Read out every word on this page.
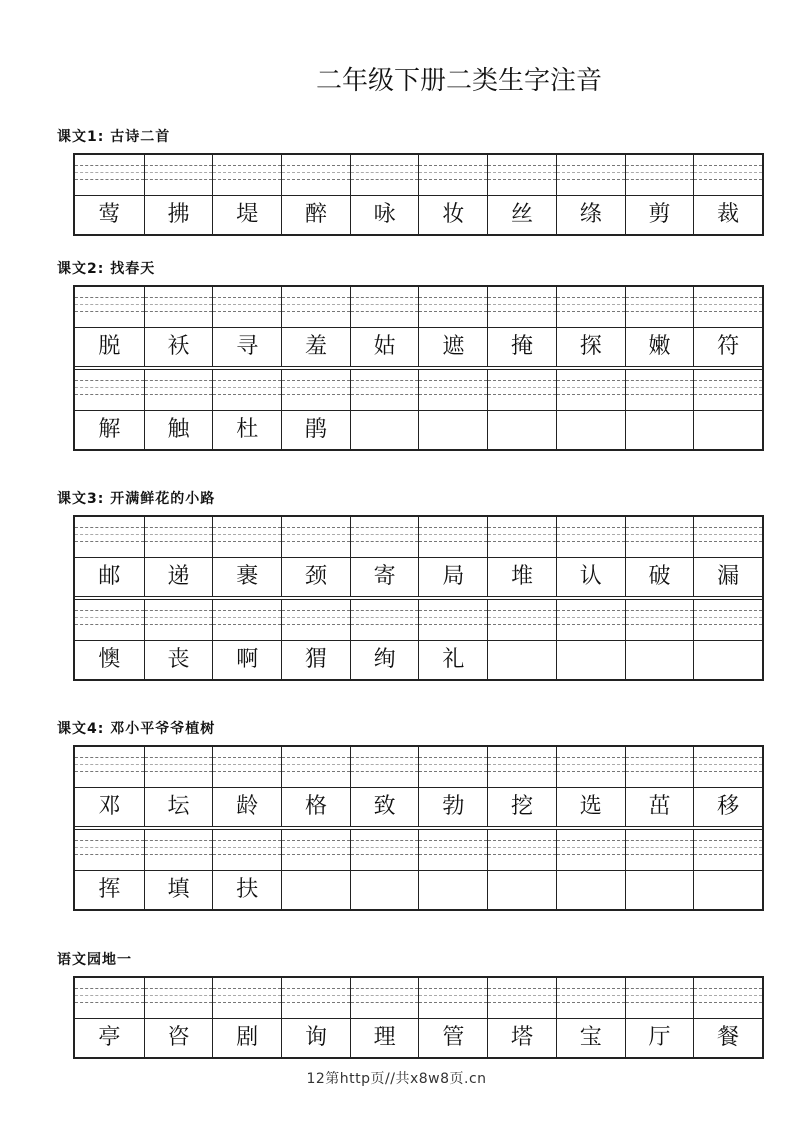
二年级下册二类生字注音
课文1: 古诗二首
莺	拂	堤	醉	咏	妆	丝	绦	剪	裁
课文2: 找春天
脱	袄	寻	羞	姑	遮	掩	探	嫩	符
解	触	杜	鹃
课文3: 开满鲜花的小路
邮	递	裹	颈	寄	局	堆	认	破	漏
懊	丧	啊	猬	绚	礼
课文4: 邓小平爷爷植树
邓	坛	龄	格	致	勃	挖	选	茁	移
挥	填	扶
语文园地一
亭	咨	剧	询	理	管	塔	宝	厅	餐
12第http页//共x8w8页.cn
